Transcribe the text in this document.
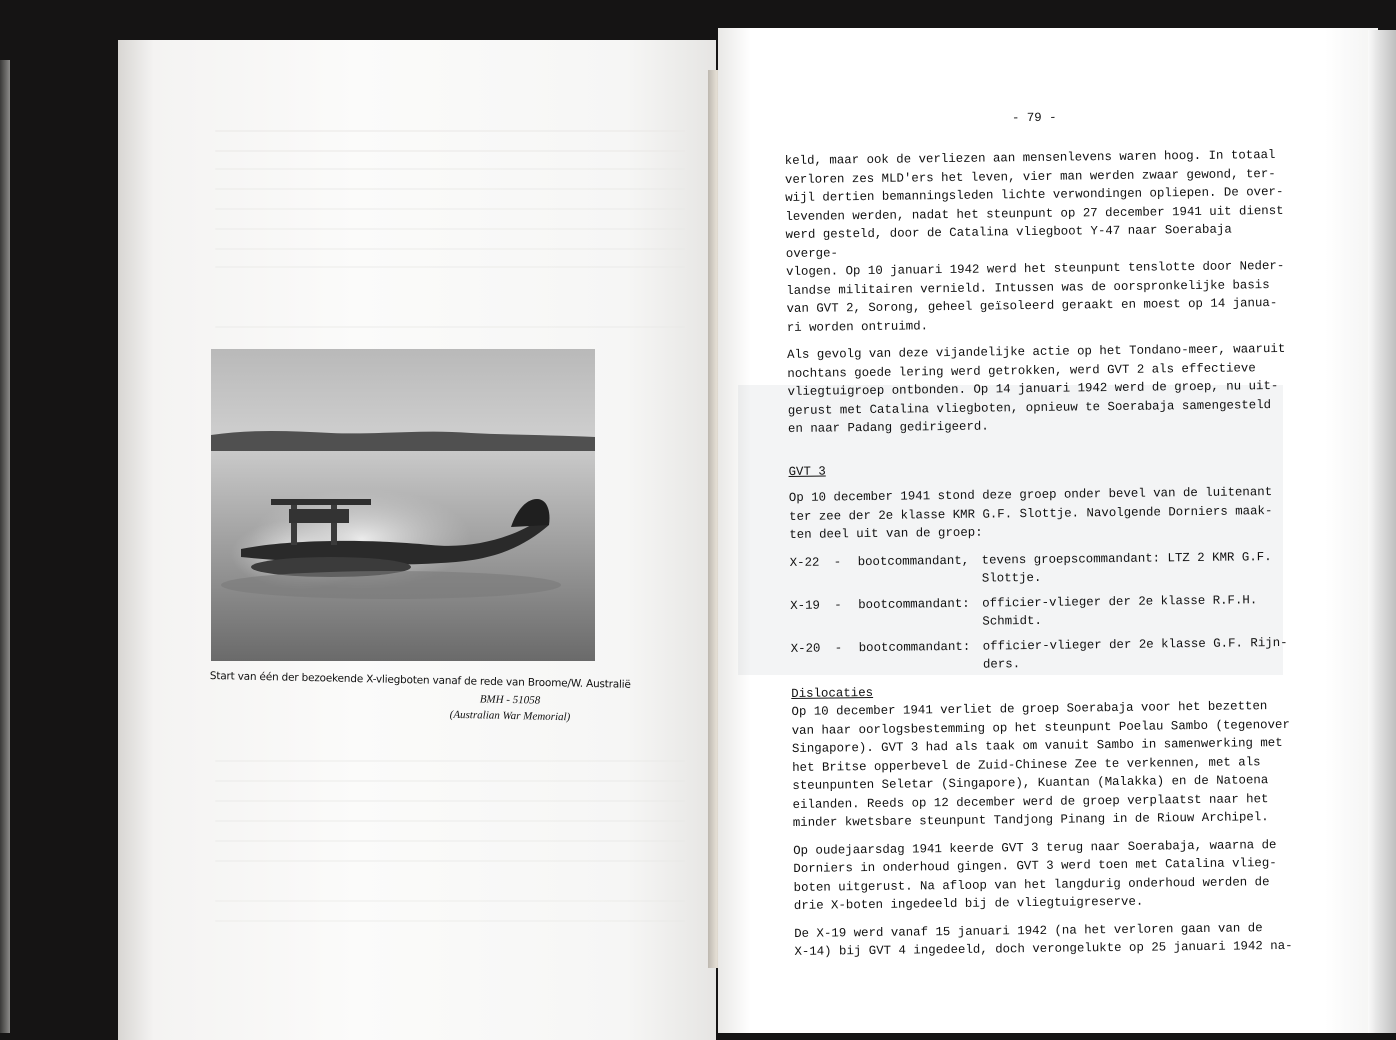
Start van één der bezoekende X-vliegboten vanaf de rede van Broome/W. Australië
BMH - 51058
(Australian War Memorial)
- 79 -
keld, maar ook de verliezen aan mensenlevens waren hoog. In totaal
verloren zes MLD'ers het leven, vier man werden zwaar gewond, ter-
wijl dertien bemanningsleden lichte verwondingen opliepen. De over-
levenden werden, nadat het steunpunt op 27 december 1941 uit dienst
werd gesteld, door de Catalina vliegboot Y-47 naar Soerabaja overge-
vlogen. Op 10 januari 1942 werd het steunpunt tenslotte door Neder-
landse militairen vernield. Intussen was de oorspronkelijke basis
van GVT 2, Sorong, geheel geïsoleerd geraakt en moest op 14 janua-
ri worden ontruimd.
Als gevolg van deze vijandelijke actie op het Tondano-meer, waaruit
nochtans goede lering werd getrokken, werd GVT 2 als effectieve
vliegtuigroep ontbonden. Op 14 januari 1942 werd de groep, nu uit-
gerust met Catalina vliegboten, opnieuw te Soerabaja samengesteld
en naar Padang gedirigeerd.
GVT 3
Op 10 december 1941 stond deze groep onder bevel van de luitenant
ter zee der 2e klasse KMR G.F. Slottje. Navolgende Dorniers maak-
ten deel uit van de groep:
X-22	-	bootcommandant, tevens groepscommandant: LTZ 2 KMR G.F.
Slottje.
X-19	-	bootcommandant: officier-vlieger der 2e klasse R.F.H.
Schmidt.
X-20	-	bootcommandant: officier-vlieger der 2e klasse G.F. Rijn-
ders.
Dislocaties
Op 10 december 1941 verliet de groep Soerabaja voor het bezetten
van haar oorlogsbestemming op het steunpunt Poelau Sambo (tegenover
Singapore). GVT 3 had als taak om vanuit Sambo in samenwerking met
het Britse opperbevel de Zuid-Chinese Zee te verkennen, met als
steunpunten Seletar (Singapore), Kuantan (Malakka) en de Natoena
eilanden. Reeds op 12 december werd de groep verplaatst naar het
minder kwetsbare steunpunt Tandjong Pinang in de Riouw Archipel.
Op oudejaarsdag 1941 keerde GVT 3 terug naar Soerabaja, waarna de
Dorniers in onderhoud gingen. GVT 3 werd toen met Catalina vlieg-
boten uitgerust. Na afloop van het langdurig onderhoud werden de
drie X-boten ingedeeld bij de vliegtuigreserve.
De X-19 werd vanaf 15 januari 1942 (na het verloren gaan van de
X-14) bij GVT 4 ingedeeld, doch verongelukte op 25 januari 1942 na-
